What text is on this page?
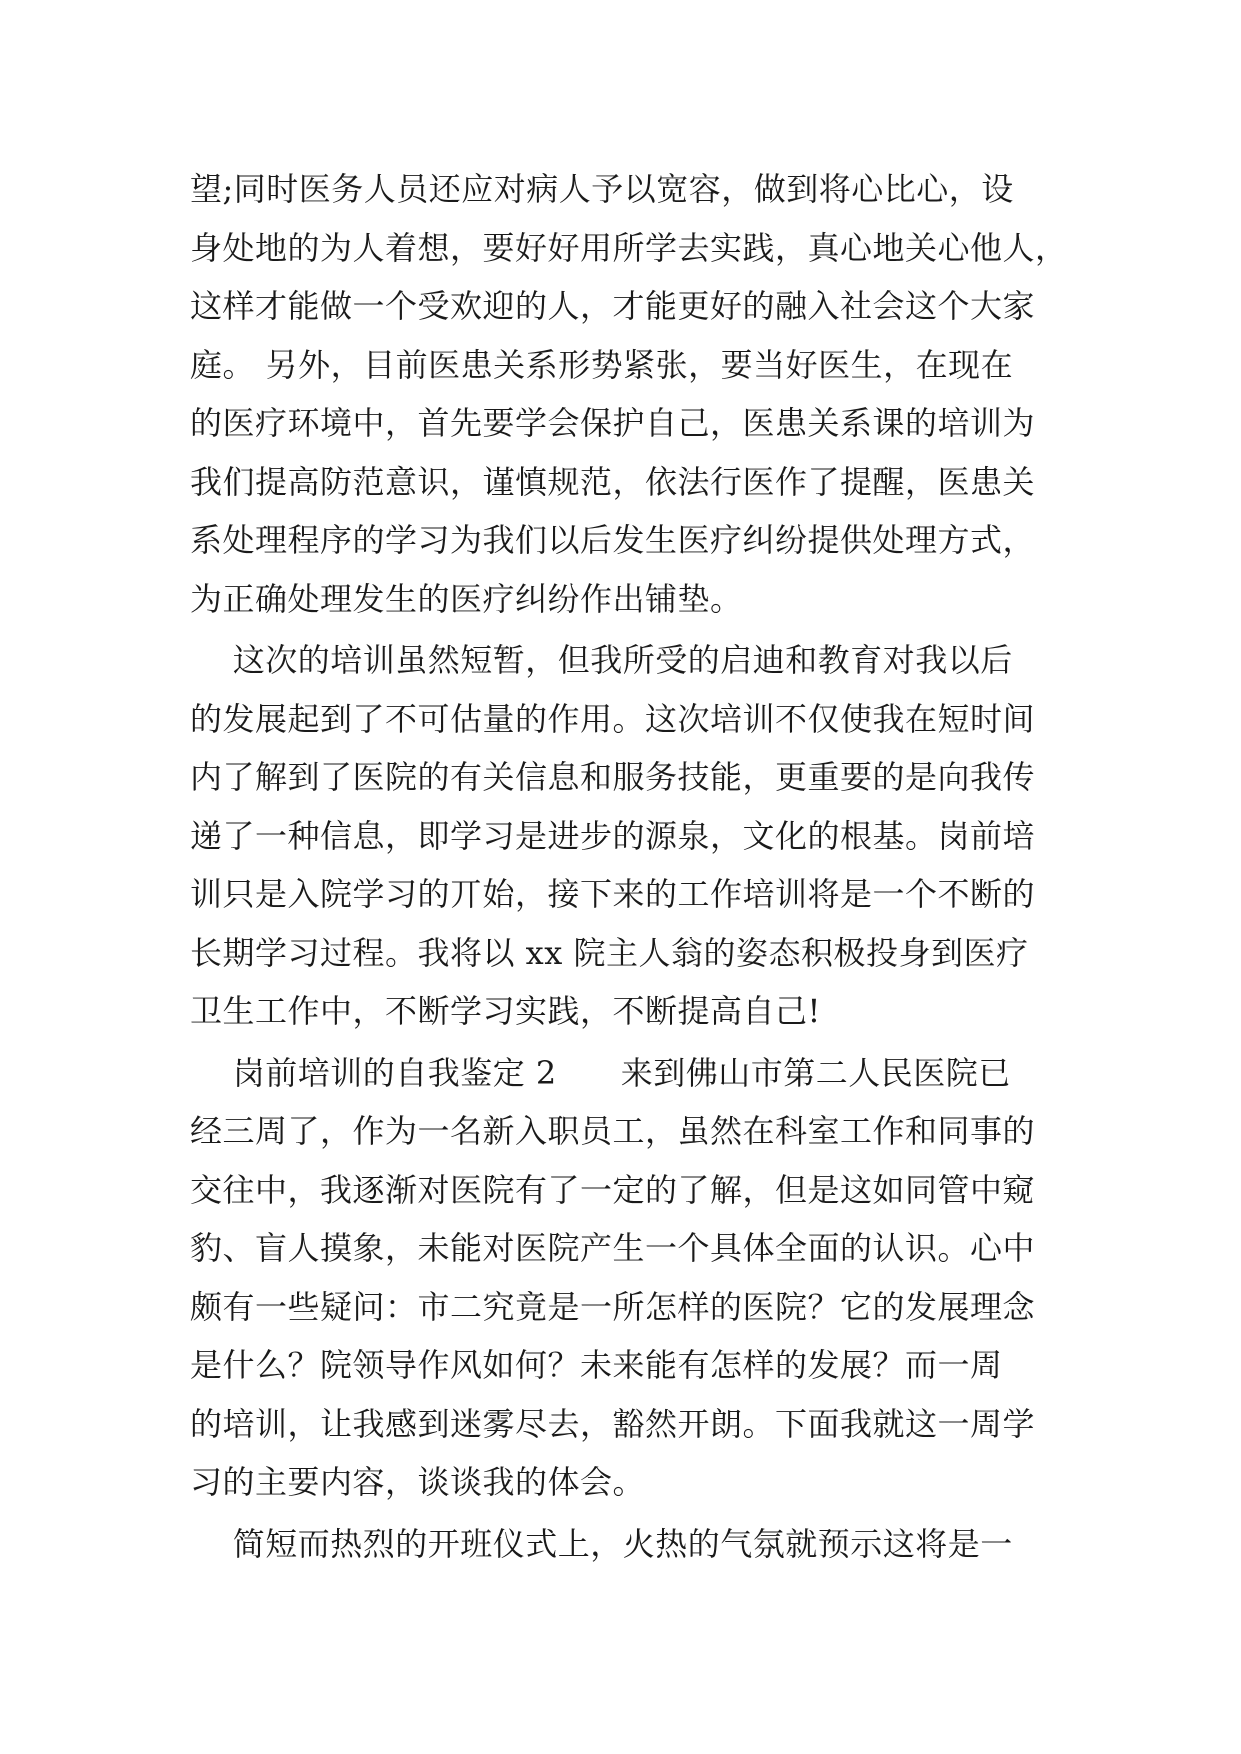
望;同时医务人员还应对病人予以宽容，做到将心比心，设
身处地的为人着想，要好好用所学去实践，真心地关心他人，
这样才能做一个受欢迎的人，才能更好的融入社会这个大家
庭。 另外，目前医患关系形势紧张，要当好医生，在现在
的医疗环境中，首先要学会保护自己，医患关系课的培训为
我们提高防范意识，谨慎规范，依法行医作了提醒，医患关
系处理程序的学习为我们以后发生医疗纠纷提供处理方式，
为正确处理发生的医疗纠纷作出铺垫。
这次的培训虽然短暂，但我所受的启迪和教育对我以后
的发展起到了不可估量的作用。这次培训不仅使我在短时间
内了解到了医院的有关信息和服务技能，更重要的是向我传
递了一种信息，即学习是进步的源泉，文化的根基。岗前培
训只是入院学习的丌始，接下来的工作培训将是一个不断的
长期学习过程。我将以 xx 院主人翁的姿态积极投身到医疗
卫生工作中，不断学习实践，不断提高自己!
岗前培训的自我鉴定 2      来到佛山市第二人民医院已
经三周了，作为一名新入职员工，虽然在科室工作和同事的
交往中，我逐渐对医院有了一定的了解，但是这如同管中窥
豹、盲人摸象，未能对医院产生一个具体全面的认识。心中
颇有一些疑问：市二究竟是一所怎样的医院？它的发展理念
是什么？院领导作风如何？未来能有怎样的发展？而一周
的培训，让我感到迷雾尽去，豁然开朗。下面我就这一周学
习的主要内容，谈谈我的体会。
简短而热烈的开班仪式上，火热的气氛就预示这将是一
